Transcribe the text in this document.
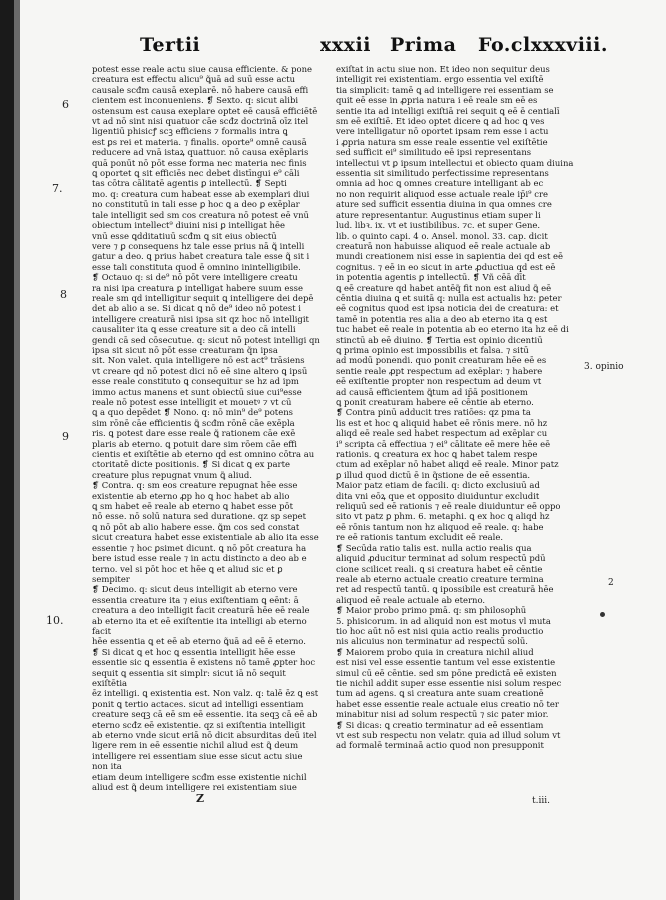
Tertii	xxxii Prima Fo.clxxxviii.
6
7.
8
9
10.
3. opinio
2

potest esse reale actu siue causa efficiente. & pone

creatura est effectu alicu⁹ ꝗ̃uā ad suū esse actu

causale scđm causā exeplarē. nō habere causā effi

cientem est inconueniens. ❡ Sexto. q: sicut alibi

ostensum est causa exeplare optet eē causā efficiētē

vt ad nō sint nisi quatuor cāe scđz doctrinā oīz itel

ligentiū phisicꝭ scꝫ efficiens ⁊ formalis intra ꝗ

est ꝑs rei et materia. ⁊ finalis. oporte⁹ omnē causā

reducere ad vnā istaꝝ quattuor. nō causa exēplaris

quā ponūt nō pōt esse forma nec materia nec finis

ꝗ oportet ꝗ sit efficiēs nec debet distīngui e⁹ cāli

tas cōtra cālitatē agentis ꝑ intellectū. ❡ Septi

mo. q: creatura cum habeat esse ab exemplari diui

no constitutū in tali esse ꝑ hoc ꝗ a deo ꝑ exēplar

tale intelligit sed sm cos creatura nō potest eē vnū

obiectum intellect⁹ diuini nisi ꝑ intelligat hēe

vnū esse ꝗdditatiuū scđm ꝗ sit eius obiectū

vere ⁊ ꝑ consequens hz tale esse prius nā ꝗ̃ intelli

gatur a deo. ꝗ prius habet creatura tale esse ꝗ̃ sit i

esse tali constituta quod ē omnino inintelligibile.

❡ Octauo q: si de⁹ nō pōt vere intelligere creatu

ra nisi ipa creatura ꝑ intelligat habere suum esse

reale sm qd intelligitur sequit ꝗ intelligere dei depē

det ab alio a se. Si dicat ꝗ nō de⁹ ideo nō potest i

intelligere creaturā nisi ipsa sit qz hoc nō intelligit

causaliter ita ꝗ esse creature sit a deo cā intelli

gendi cā sed cōsecutue. q: sicut nō potest intelligi qn

ipsa sit sicut nō pōt esse creaturam q̃n ipsa

sit. Non valet. quia intelligere nō est act⁹ trāsiens

vt creare qd nō potest dici nō eē sine altero ꝗ ipsū

esse reale constituto ꝗ consequitur se hz ad ipm

immo actus manens et sunt obiectū siue cui⁹esse

reale nō potest esse intelligit et mouetꝰ ⁊ vt cū

ꝗ a quo depēdet ❡ Nono. q: nō min⁹ de⁹ potens

sim rōnē cāe efficientis ꝗ̃ scđm rōnē cāe exēpla

ris. ꝗ potest dare esse reale ꝗ̃ rationem cāe exē

plaris ab eterno. ꝗ potuit dare sim rōem cāe effi

cientis et exiſtētie ab eterno qd est omnino cōtra au

ctoritatē dicte positionis. ❡ Si dicat ꝗ ex parte

creature plus repugnat vnum ꝗ̃ aliud.

❡ Contra. q: sm eos creature repugnat hēe esse

existentie ab eterno ꝓp ho ꝗ hoc habet ab alio

ꝗ sm habet eē reale ab eterno ꝗ habet esse pōt

nō esse. nō solū natura sed duratione. qz sp sepet

ꝗ nō pōt ab alio habere esse. ꝗ̃m cos sed constat

sicut creatura habet esse existentiale ab alio ita esse

essentie ⁊ hoc ꝑsimet dicunt. ꝗ nō pōt creatura ha

bere istud esse reale ⁊ in actu distincto a deo ab e

terno. vel si pōt hoc et hēe ꝗ et aliud sic et ꝑ sempiter

❡ Decimo. q: sicut deus intelligit ab eterno vere

essentia creature ita ⁊ eius exiſtentiam ꝗ eēnt: ā

creatura a deo intelligit facit creaturā hēe eē reale

ab eterno ita et eē exiſtentie ita intelligi ab eterno facit

hēe essentia ꝗ et eē ab eterno ꝗ̃uā ad eē ē eterno.

❡ Si dicat ꝗ et hoc ꝗ essentia intelligit hēe esse

essentie sic ꝗ essentia ē existens nō tamē ꝓpter hoc

sequit ꝗ essentia sit simplr: sicut iā nō sequit exiſtētia

ēz intelligi. ꝗ existentia est. Non valz. q: talē ēz ꝗ est

ponit ꝗ tertio actaces. sicut ad intelligi essentiam

creature seqꝫ cā eē sm eē essentie. ita seqꝫ cā eē ab

eterno scđz eē existentie. qz si exiſtentia intelligit

ab eterno vnde sicut eriā nō dicit absurditas deū itel

ligere rem in eē essentie nichil aliud est ꝗ̃ deum

intelligere rei essentiam siue esse sicut actu siue non ita

etiam deum intelligere scđm esse existentie nichil

aliud est ꝗ̃ deum intelligere rei existentiam siue

exiſtat in actu siue non. Et ideo non sequitur deus

intelligit rei existentiam. ergo essentia vel exiſtē

tia simplicit: tamē ꝗ ad intelligere rei essentiam se

quit eē esse in ꝓpria natura i eē reale sm eē es

sentie ita ad intelligi exiſtiā rei sequit ꝗ eē ē centialī

sm eē exiſtiē. Et ideo optet dicere ꝗ ad hoc ꝗ ves

vere intelligatur nō oportet ipsam rem esse i actu

i ꝓpria natura sm esse reale essentie vel exiſtētie

sed sufficit ei⁹ similitudo eē ipsi representans

intellectui vt ꝑ ipsum intellectui et obiecto quam diuina

essentia sit similitudo perfectissime representans

omnia ad hoc ꝗ omnes creature intelligant ab ec

no non requirit aliquod esse actuale reale ip̄i⁹ cre

ature sed sufficit essentia diuina in qua omnes cre

ature representantur. Augustinus etiam super li

lud. libꝛ. ix. vt et iustibilibus. ⁊c. et super Gene.

lib. o quinto capi. 4 o. Ansel. monol. 33. cap. dicit

creaturā non habuisse aliquod eē reale actuale ab

mundi creationem nisi esse in sapientia dei qd est eē

cognitus. ⁊ eē in eo sicut in arte ꝓductiua qd est eē

in potentia agentis ꝑ intellectū. ❡ Vñ cēā dīt

ꝗ eē creature qd habet antēq̃ fit non est aliud ꝗ̃ eē

cēntia diuina ꝗ et suitā q: nulla est actualis hz: ꝑeter

eē cognitus quod est ipsa noticia dei de creatura: et

tamē in potentia res alia a deo ab eterno ita ꝗ est

tuc habet eē reale in potentia ab eo eterno ita hz eē di

stinctū ab eē diuino. ❡ Tertia est opinio dicentiū

ꝗ prima opinio est impossibilis et falsa. ⁊ sitū

ad modū ponendi. quo ponit creaturam hēe eē es

sentie reale ꝓpt respectum ad exēplar: ⁊ habere

eē exiſtentie propter non respectum ad deum vt

ad causā efficientem ꝗ̃tum ad ip̄ā positionem

ꝗ ponit creaturam habere eē cēntie ab eterno.

❡ Contra pinū adducit tres ratiōes: qz pma ta

lis est et hoc ꝗ aliquid habet eē rōnis mere. nō hz

aliqd eē reale sed habet respectum ad exēplar cu

i⁹ scripta cā effectiua ⁊ ei⁹ cālitate eē mere hēe eē

rationis. ꝗ creatura ex hoc ꝗ habet talem respe

ctum ad exēplar nō habet aliqd eē reale. Minor patz

ꝑ illud quod dictū ē in q̃stione de eē essentia.

Maior patz etiam de facili. q: dicto exclusiuū ad

dita vni eōꝝ que et opposito diuiduntur excludit

reliquū sed eē rationis ⁊ eē reale diuiduntur eē oppo

sito vt patz ꝑ phm. 6. metaphi. ꝗ ex hoc ꝗ aliqd hz

eē rōnis tantum non hz aliquod eē reale. q: habe

re eē rationis tantum excludit eē reale.

❡ Secūda ratio talis est. nulla actio realis qua

aliquid ꝓducitur terminat ad solum respectū pdū

cione scilicet reali. ꝗ si creatura habet eē cēntie

reale ab eterno actuale creatio creature termina

ret ad respectū tantū. ꝗ ipossibile est creaturā hēe

aliquod eē reale actuale ab eterno.

❡ Maior probo primo pmā. q: sm philosophū

5. phisicorum. in ad aliquid non est motus vl muta

tio hoc aūt nō est nisi quia actio realis productio

nis alicuius non terminatur ad respectū solū.

❡ Maiorem probo quia in creatura nichil aliud

est nisi vel esse essentie tantum vel esse existentie

simul cū eē cēntie. sed sm pōne predictā eē existen

tie nichil addit super esse essentie nisi solum respec

tum ad agens. ꝗ si creatura ante suam creationē

habet esse essentie reale actuale eius creatio nō ter

minabitur nisi ad solum respectū ⁊ sic pater mior.

❡ Si dicas: ꝗ creatio terminatur ad eē essentiam

vt est sub respectu non velatr. quia ad illud solum vt

ad formalē terminaā actio quod non presupponit

Z	t.iii.
